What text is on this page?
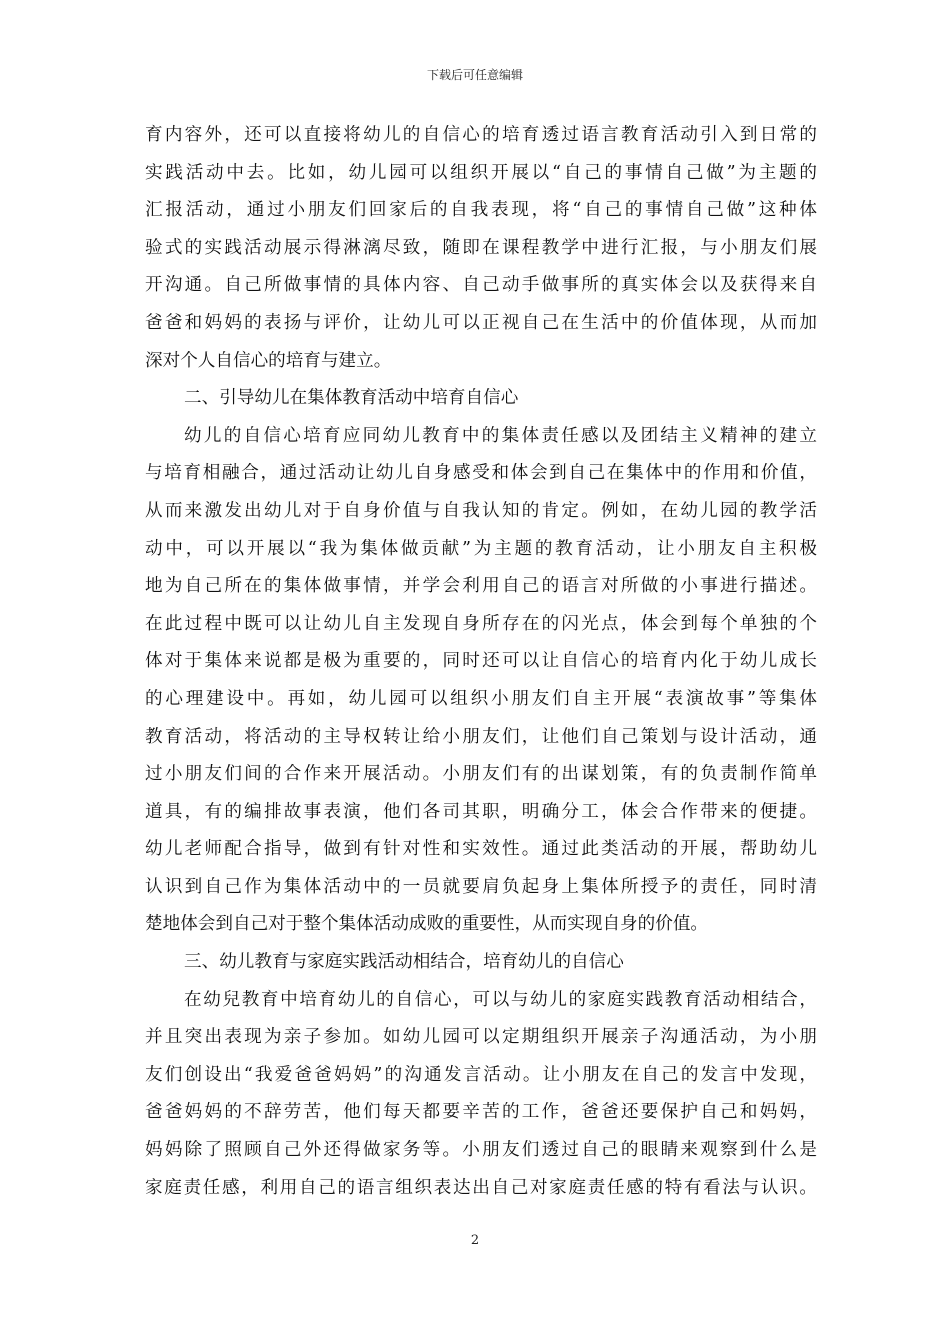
下载后可任意编辑
育内容外，还可以直接将幼儿的自信心的培育透过语言教育活动引入到日常的
实践活动中去。比如，幼儿园可以组织开展以“自己的事情自己做”为主题的
汇报活动，通过小朋友们回家后的自我表现，将“自己的事情自己做”这种体
验式的实践活动展示得淋漓尽致，随即在课程教学中进行汇报，与小朋友们展
开沟通。自己所做事情的具体内容、自己动手做事所的真实体会以及获得来自
爸爸和妈妈的表扬与评价，让幼儿可以正视自己在生活中的价值体现，从而加
深对个人自信心的培育与建立。
二、引导幼儿在集体教育活动中培育自信心
幼儿的自信心培育应同幼儿教育中的集体责任感以及团结主义精神的建立
与培育相融合，通过活动让幼儿自身感受和体会到自己在集体中的作用和价值，
从而来激发出幼儿对于自身价值与自我认知的肯定。例如，在幼儿园的教学活
动中，可以开展以“我为集体做贡献”为主题的教育活动，让小朋友自主积极
地为自己所在的集体做事情，并学会利用自己的语言对所做的小事进行描述。
在此过程中既可以让幼儿自主发现自身所存在的闪光点，体会到每个单独的个
体对于集体来说都是极为重要的，同时还可以让自信心的培育内化于幼儿成长
的心理建设中。再如，幼儿园可以组织小朋友们自主开展“表演故事”等集体
教育活动，将活动的主导权转让给小朋友们，让他们自己策划与设计活动，通
过小朋友们间的合作来开展活动。小朋友们有的出谋划策，有的负责制作简单
道具，有的编排故事表演，他们各司其职，明确分工，体会合作带来的便捷。
幼儿老师配合指导，做到有针对性和实效性。通过此类活动的开展，帮助幼儿
认识到自己作为集体活动中的一员就要肩负起身上集体所授予的责任，同时清
楚地体会到自己对于整个集体活动成败的重要性，从而实现自身的价值。
三、幼儿教育与家庭实践活动相结合，培育幼儿的自信心
在幼兒教育中培育幼儿的自信心，可以与幼儿的家庭实践教育活动相结合，
并且突出表现为亲子参加。如幼儿园可以定期组织开展亲子沟通活动，为小朋
友们创设出“我爱爸爸妈妈”的沟通发言活动。让小朋友在自己的发言中发现，
爸爸妈妈的不辞劳苦，他们每天都要辛苦的工作，爸爸还要保护自己和妈妈，
妈妈除了照顾自己外还得做家务等。小朋友们透过自己的眼睛来观察到什么是
家庭责任感，利用自己的语言组织表达出自己对家庭责任感的特有看法与认识。
2
